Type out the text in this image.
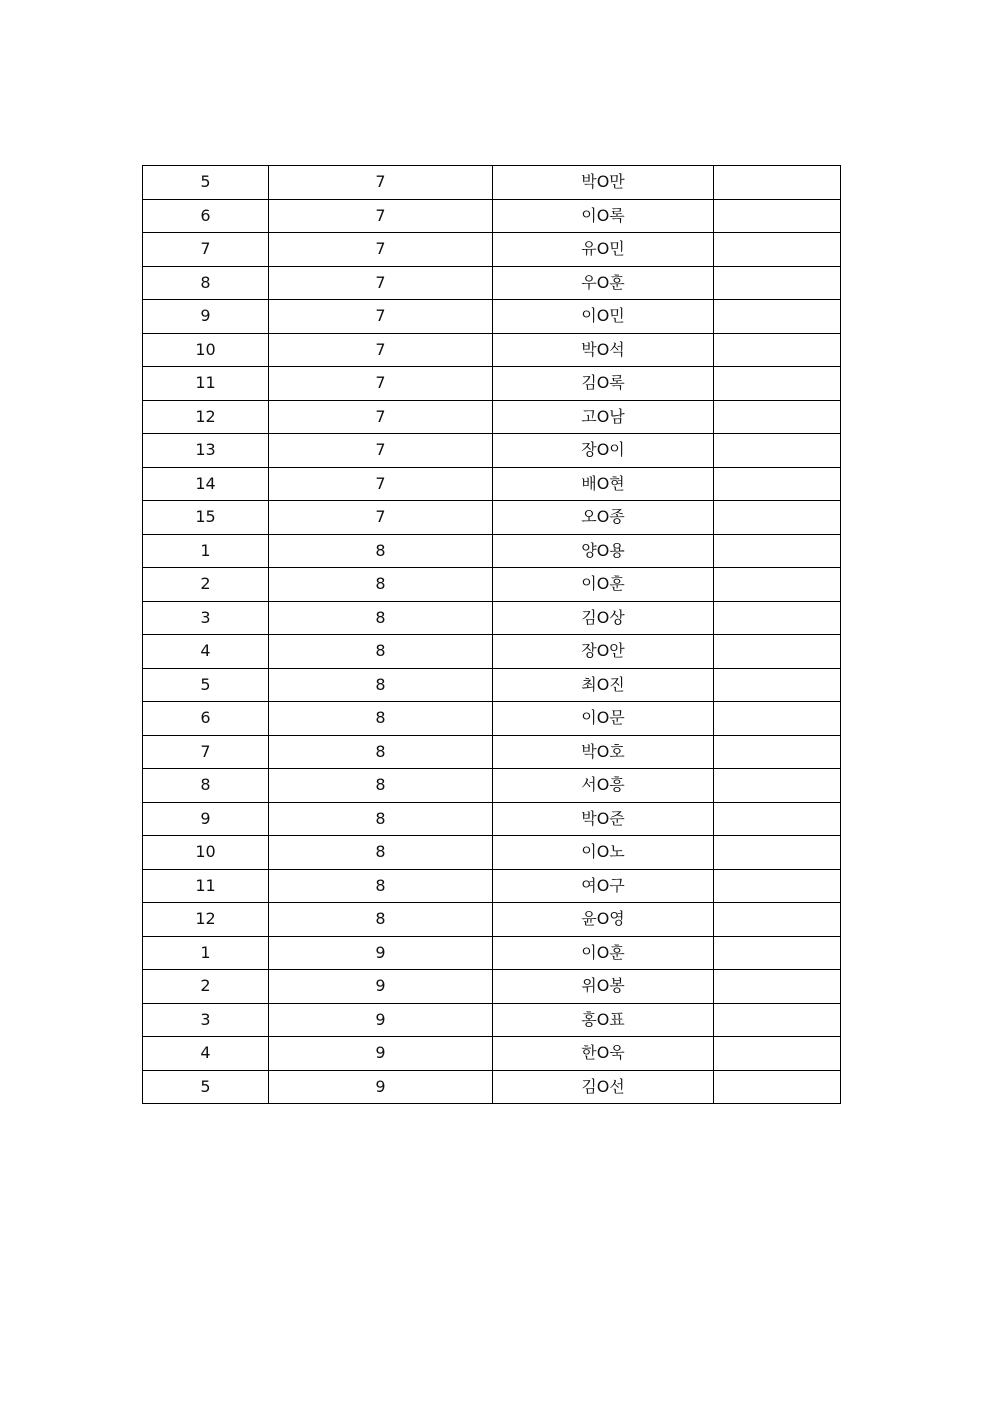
5	7	박O만	
6	7	이O록	
7	7	유O민	
8	7	우O훈	
9	7	이O민	
10	7	박O석	
11	7	김O록	
12	7	고O남	
13	7	장O이	
14	7	배O현	
15	7	오O종	
1	8	양O용	
2	8	이O훈	
3	8	김O상	
4	8	장O안	
5	8	최O진	
6	8	이O문	
7	8	박O호	
8	8	서O흥	
9	8	박O준	
10	8	이O노	
11	8	여O구	
12	8	윤O영	
1	9	이O훈	
2	9	위O봉	
3	9	홍O표	
4	9	한O욱	
5	9	김O선	
